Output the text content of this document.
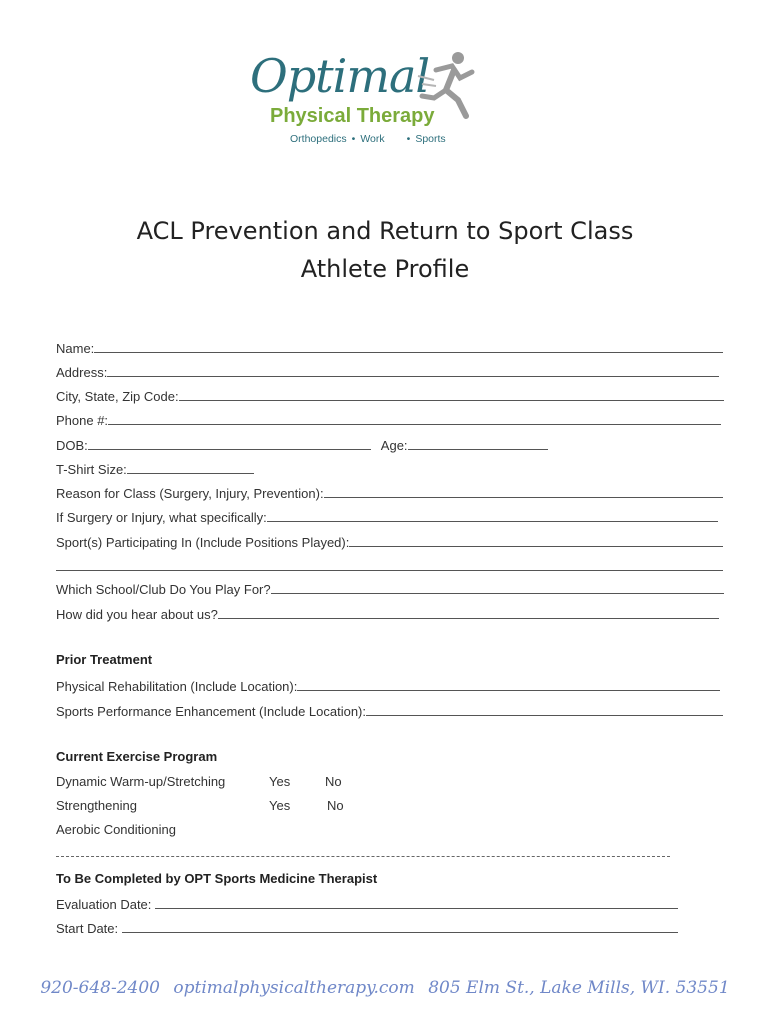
Optimal
Physical Therapy
Orthopedics • Work • Sports
ACL Prevention and Return to Sport Class
Athlete Profile
Name:
Address:
City, State, Zip Code:
Phone #:
DOB:	Age:
T-Shirt Size:
Reason for Class (Surgery, Injury, Prevention):
If Surgery or Injury, what specifically:
Sport(s) Participating In (Include Positions Played):
Which School/Club Do You Play For?
How did you hear about us?
Prior Treatment
Physical Rehabilitation (Include Location):
Sports Performance Enhancement (Include Location):
Current Exercise Program
Dynamic Warm-up/Stretching	Yes	No
Strengthening	Yes	No
Aerobic Conditioning
To Be Completed by OPT Sports Medicine Therapist
Evaluation Date:
Start Date:
920-648-2400 optimalphysicaltherapy.com 805 Elm St., Lake Mills, WI. 53551
